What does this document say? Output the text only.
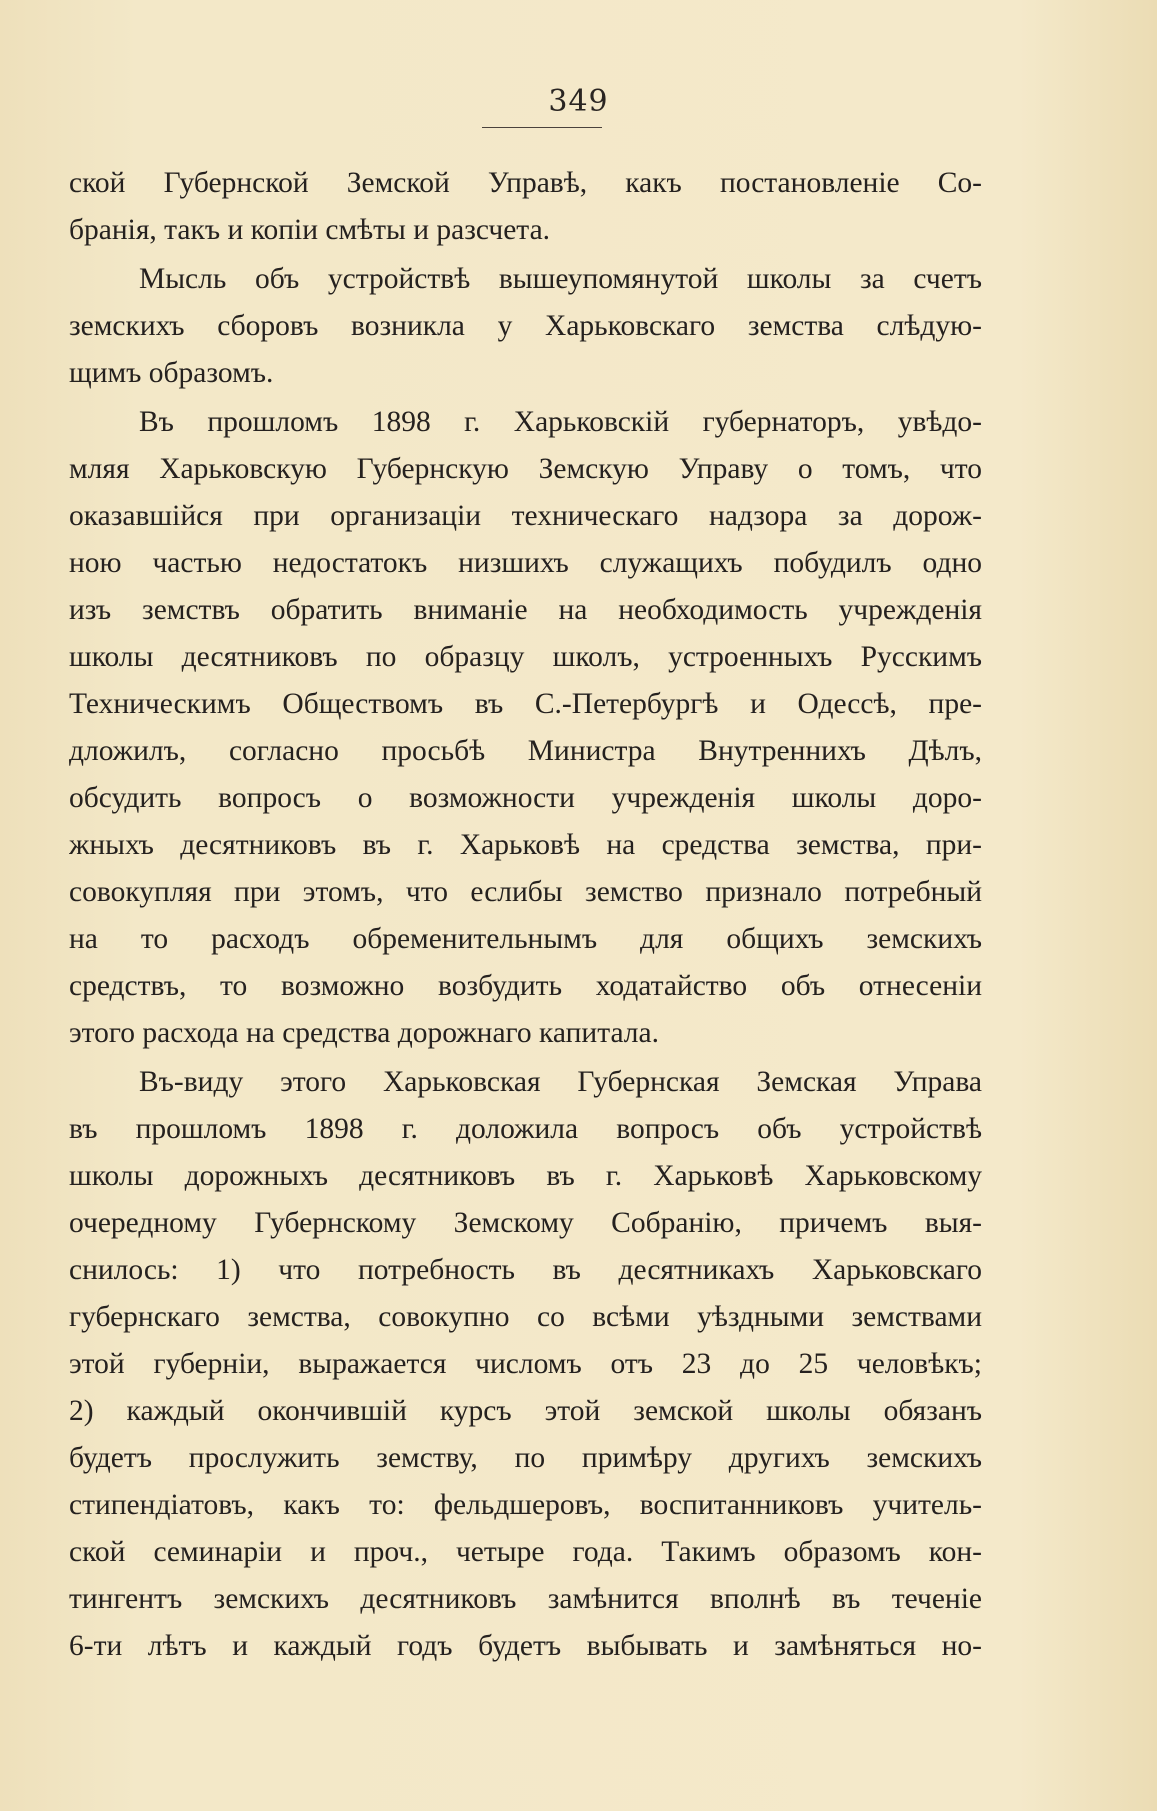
349
ской Губернской Земской Управѣ, какъ постановленіе Со-
бранія, такъ и копіи смѣты и разсчета.
Мысль объ устройствѣ вышеупомянутой школы за счетъ
земскихъ сборовъ возникла у Харьковскаго земства слѣдую-
щимъ образомъ.
Въ прошломъ 1898 г. Харьковскій губернаторъ, увѣдо-
мляя Харьковскую Губернскую Земскую Управу о томъ, что
оказавшійся при организаціи техническаго надзора за дорож-
ною частью недостатокъ низшихъ служащихъ побудилъ одно
изъ земствъ обратить вниманіе на необходимость учрежденія
школы десятниковъ по образцу школъ, устроенныхъ Русскимъ
Техническимъ Обществомъ въ С.-Петербургѣ и Одессѣ, пре-
дложилъ, согласно просьбѣ Министра Внутреннихъ Дѣлъ,
обсудить вопросъ о возможности учрежденія школы доро-
жныхъ десятниковъ въ г. Харьковѣ на средства земства, при-
совокупляя при этомъ, что еслибы земство признало потребный
на то расходъ обременительнымъ для общихъ земскихъ
средствъ, то возможно возбудить ходатайство объ отнесеніи
этого расхода на средства дорожнаго капитала.
Въ-виду этого Харьковская Губернская Земская Управа
въ прошломъ 1898 г. доложила вопросъ объ устройствѣ
школы дорожныхъ десятниковъ въ г. Харьковѣ Харьковскому
очередному Губернскому Земскому Собранію, причемъ выя-
снилось: 1) что потребность въ десятникахъ Харьковскаго
губернскаго земства, совокупно со всѣми уѣздными земствами
этой губерніи, выражается числомъ отъ 23 до 25 человѣкъ;
2) каждый окончившій курсъ этой земской школы обязанъ
будетъ прослужить земству, по примѣру другихъ земскихъ
стипендіатовъ, какъ то: фельдшеровъ, воспитанниковъ учитель-
ской семинаріи и проч., четыре года. Такимъ образомъ кон-
тингентъ земскихъ десятниковъ замѣнится вполнѣ въ теченіе
6-ти лѣтъ и каждый годъ будетъ выбывать и замѣняться но-
